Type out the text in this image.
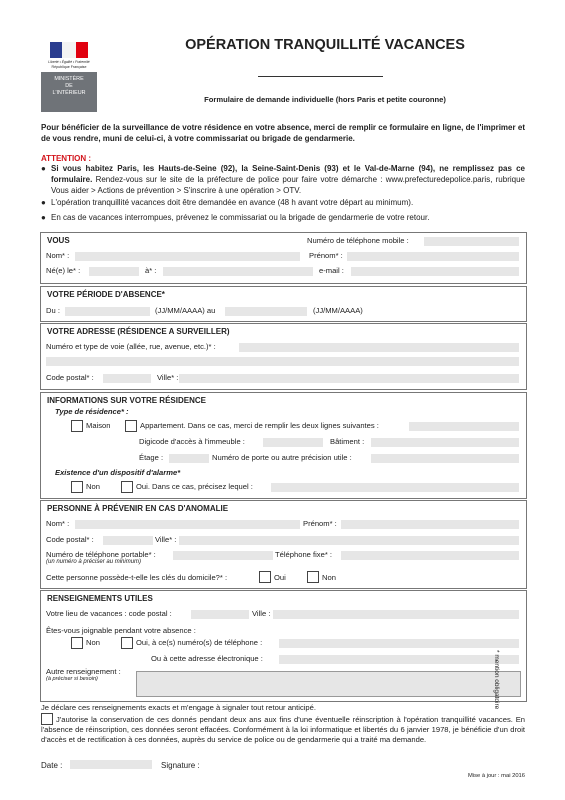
Liberté • Égalité • Fraternité
République Française
MINISTÈRE
DE
L'INTÉRIEUR
OPÉRATION TRANQUILLITÉ VACANCES
Formulaire de demande individuelle (hors Paris et petite couronne)
Pour bénéficier de la surveillance de votre résidence en votre absence, merci de remplir ce formulaire en ligne, de l'imprimer et de vous rendre, muni de celui-ci, à votre commissariat ou brigade de gendarmerie.
ATTENTION :
● Si vous habitez Paris, les Hauts-de-Seine (92), la Seine-Saint-Denis (93) et le Val-de-Marne (94), ne remplissez pas ce formulaire. Rendez-vous sur le site de la préfecture de police pour faire votre démarche : www.prefecturedepolice.paris, rubrique Vous aider > Actions de prévention > S'inscrire à une opération > OTV.
● L'opération tranquillité vacances doit être demandée en avance (48 h avant votre départ au minimum).
● En cas de vacances interrompues, prévenez le commissariat ou la brigade de gendarmerie de votre retour.
VOUS	Numéro de téléphone mobile :
Nom* :	Prénom* :
Né(e) le* :	à* :	e-mail :
VOTRE PÉRIODE D'ABSENCE*
Du :	(JJ/MM/AAAA) au	(JJ/MM/AAAA)
VOTRE ADRESSE (RÉSIDENCE A SURVEILLER)
Numéro et type de voie (allée, rue, avenue, etc.)* :
Code postal* :	Ville* :
INFORMATIONS SUR VOTRE RÉSIDENCE
Type de résidence* :
Maison	Appartement. Dans ce cas, merci de remplir les deux lignes suivantes :
Digicode d'accès à l'immeuble :	Bâtiment :
Étage :	Numéro de porte ou autre précision utile :
Existence d'un dispositif d'alarme*
Non	Oui. Dans ce cas, précisez lequel :
PERSONNE À PRÉVENIR EN CAS D'ANOMALIE
Nom* :	Prénom* :
Code postal* :	Ville* :
Numéro de téléphone portable* :
(un numéro à préciser au minimum)
Téléphone fixe* :
Cette personne possède-t-elle les clés du domicile?* :	Oui	Non
RENSEIGNEMENTS UTILES
Votre lieu de vacances : code postal :	Ville :
Êtes-vous joignable pendant votre absence :
Non	Oui, à ce(s) numéro(s) de téléphone :
Ou à cette adresse électronique :
Autre renseignement :
(à préciser si besoin)	* mention obligatoire
Je déclare ces renseignements exacts et m'engage à signaler tout retour anticipé.
J'autorise la conservation de ces donnés pendant deux ans aux fins d'une éventuelle réinscription à l'opération tranquillité vacances. En l'absence de réinscription, ces données seront effacées. Conformément à la loi informatique et libertés du 6 janvier 1978, je bénéficie d'un droit d'accès et de rectification à ces données, auprès du service de police ou de gendarmerie qui a traité ma demande.
Date :	Signature :
Mise à jour : mai 2016
